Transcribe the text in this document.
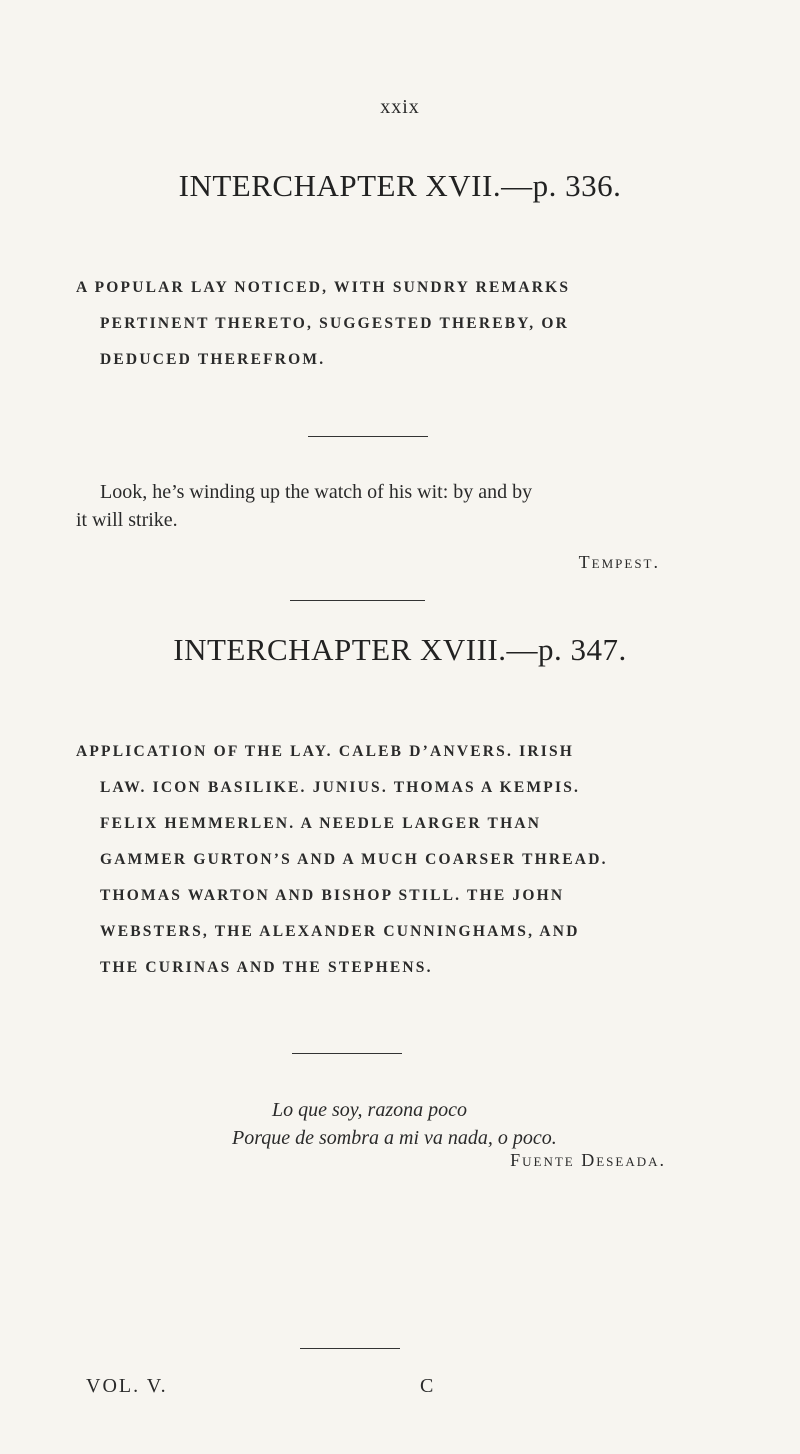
xxix
INTERCHAPTER XVII.—p. 336.
A POPULAR LAY NOTICED, WITH SUNDRY REMARKS
PERTINENT THERETO, SUGGESTED THEREBY, OR
DEDUCED THEREFROM.
Look, he’s winding up the watch of his wit: by and by
it will strike.
Tempest.
INTERCHAPTER XVIII.—p. 347.
APPLICATION OF THE LAY. CALEB D’ANVERS. IRISH
LAW. ICON BASILIKE. JUNIUS. THOMAS A KEMPIS.
FELIX HEMMERLEN. A NEEDLE LARGER THAN
GAMMER GURTON’S AND A MUCH COARSER THREAD.
THOMAS WARTON AND BISHOP STILL. THE JOHN
WEBSTERS, THE ALEXANDER CUNNINGHAMS, AND
THE CURINAS AND THE STEPHENS.
Lo que soy, razona poco
Porque de sombra a mi va nada, o poco.
Fuente Deseada.
VOL. V.	C
